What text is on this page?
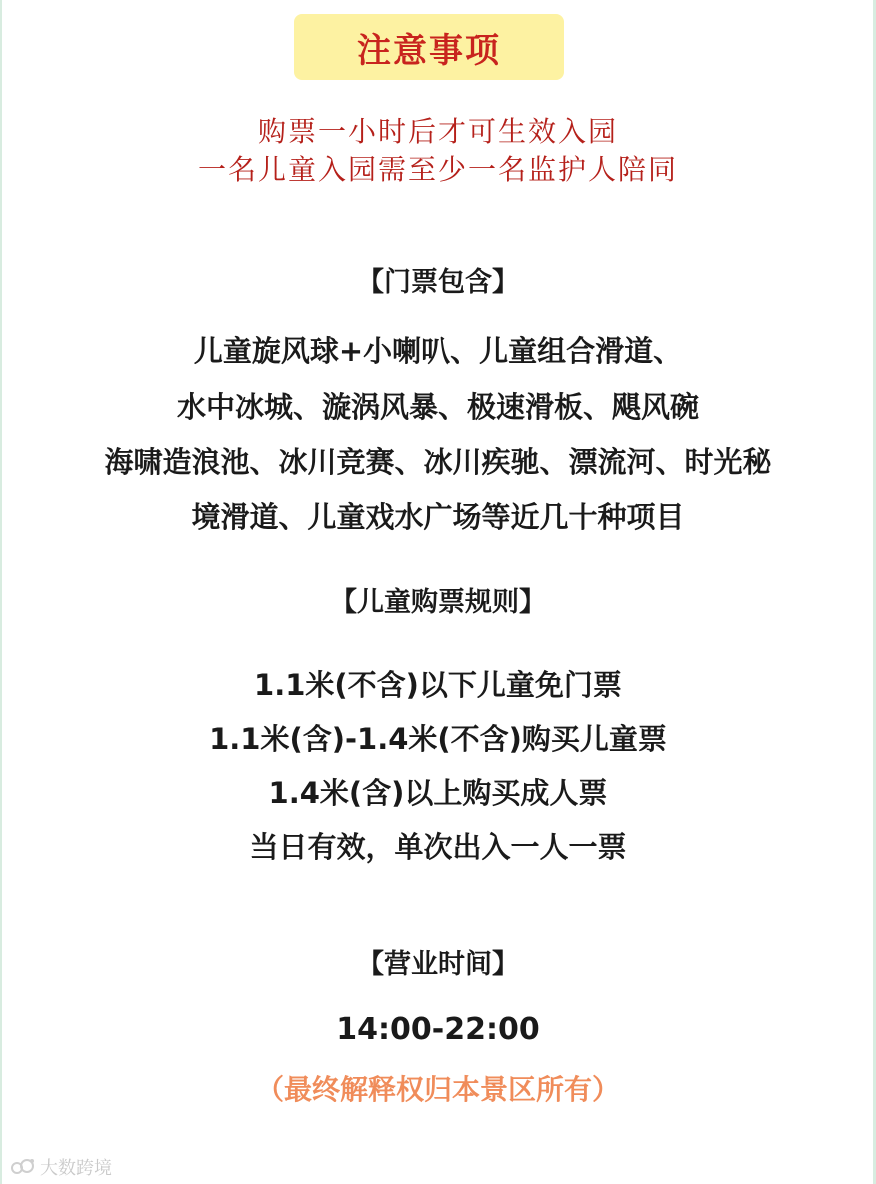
注意事项
购票一小时后才可生效入园
一名儿童入园需至少一名监护人陪同
【门票包含】
儿童旋风球+小喇叭、儿童组合滑道、
水中冰城、漩涡风暴、极速滑板、飓风碗
海啸造浪池、冰川竞赛、冰川疾驰、漂流河、时光秘
境滑道、儿童戏水广场等近几十种项目
【儿童购票规则】
1.1米(不含)以下儿童免门票
1.1米(含)-1.4米(不含)购买儿童票
1.4米(含)以上购买成人票
当日有效，单次出入一人一票
【营业时间】
14:00-22:00
（最终解释权归本景区所有）
大数跨境
